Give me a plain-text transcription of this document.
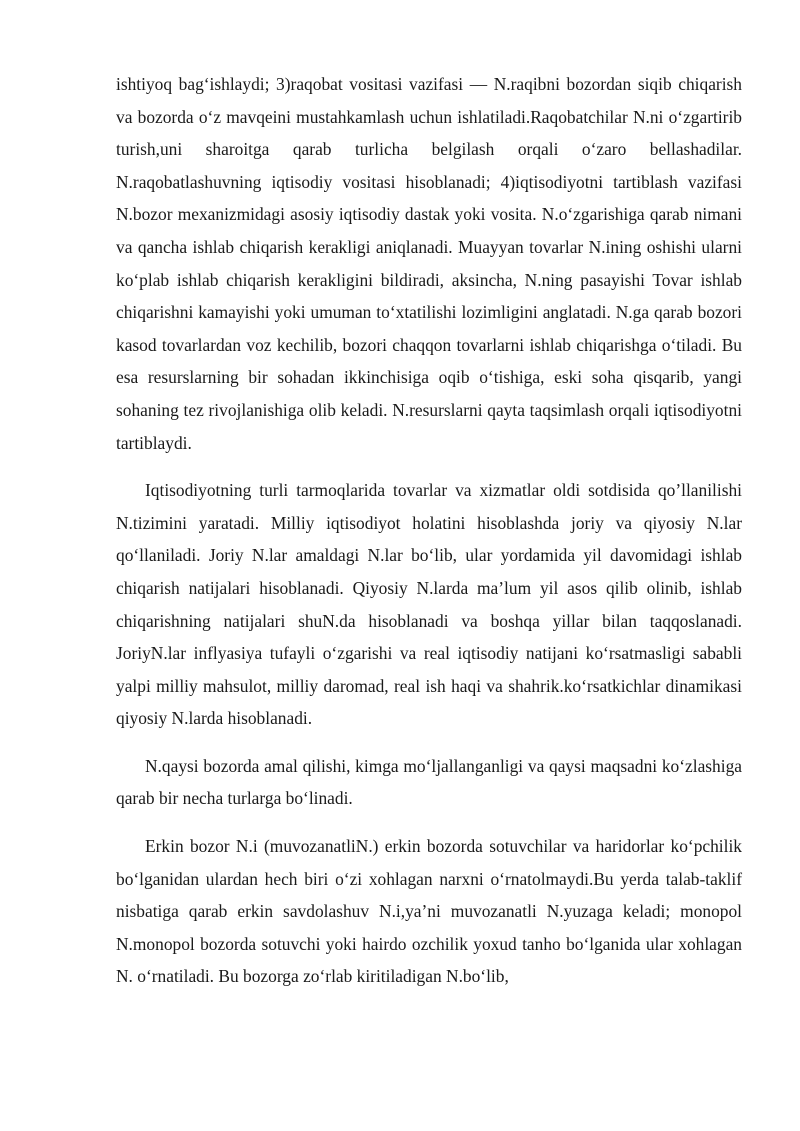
ishtiyoq bag‘ishlaydi; 3)raqobat vositasi vazifasi — N.raqibni bozordan siqib chiqarish va bozorda o‘z mavqeini mustahkamlash uchun ishlatiladi.Raqobatchilar N.ni o‘zgartirib turish,uni sharoitga qarab turlicha belgilash orqali o‘zaro bellashadilar. N.raqobatlashuvning iqtisodiy vositasi hisoblanadi; 4)iqtisodiyotni tartiblash vazifasi N.bozor mexanizmidagi asosiy iqtisodiy dastak yoki vosita. N.o‘zgarishiga qarab nimani va qancha ishlab chiqarish kerakligi aniqlanadi. Muayyan tovarlar N.ining oshishi ularni ko‘plab ishlab chiqarish kerakligini bildiradi, aksincha, N.ning pasayishi Tovar ishlab chiqarishni kamayishi yoki umuman to‘xtatilishi lozimligini anglatadi. N.ga qarab bozori kasod tovarlardan voz kechilib, bozori chaqqon tovarlarni ishlab chiqarishga o‘tiladi. Bu esa resurslarning bir sohadan ikkinchisiga oqib o‘tishiga, eski soha qisqarib, yangi sohaning tez rivojlanishiga olib keladi. N.resurslarni qayta taqsimlash orqali iqtisodiyotni tartiblaydi.

Iqtisodiyotning turli tarmoqlarida tovarlar va xizmatlar oldi sotdisida qo’llanilishi N.tizimini yaratadi. Milliy iqtisodiyot holatini hisoblashda joriy va qiyosiy N.lar qo‘llaniladi. Joriy N.lar amaldagi N.lar bo‘lib, ular yordamida yil davomidagi ishlab chiqarish natijalari hisoblanadi. Qiyosiy N.larda ma’lum yil asos qilib olinib, ishlab chiqarishning natijalari shuN.da hisoblanadi va boshqa yillar bilan taqqoslanadi. JoriyN.lar inflyasiya tufayli o‘zgarishi va real iqtisodiy natijani ko‘rsatmasligi sababli yalpi milliy mahsulot, milliy daromad, real ish haqi va shahrik.ko‘rsatkichlar dinamikasi qiyosiy N.larda hisoblanadi.

N.qaysi bozorda amal qilishi, kimga mo‘ljallanganligi va qaysi maqsadni ko‘zlashiga qarab bir necha turlarga bo‘linadi.

Erkin bozor N.i (muvozanatliN.) erkin bozorda sotuvchilar va haridorlar ko‘pchilik bo‘lganidan ulardan hech biri o‘zi xohlagan narxni o‘rnatolmaydi.Bu yerda talab-taklif nisbatiga qarab erkin savdolashuv N.i,ya’ni muvozanatli N.yuzaga keladi; monopol N.monopol bozorda sotuvchi yoki hairdo ozchilik yoxud tanho bo‘lganida ular xohlagan N. o‘rnatiladi. Bu bozorga zo‘rlab kiritiladigan N.bo‘lib,
